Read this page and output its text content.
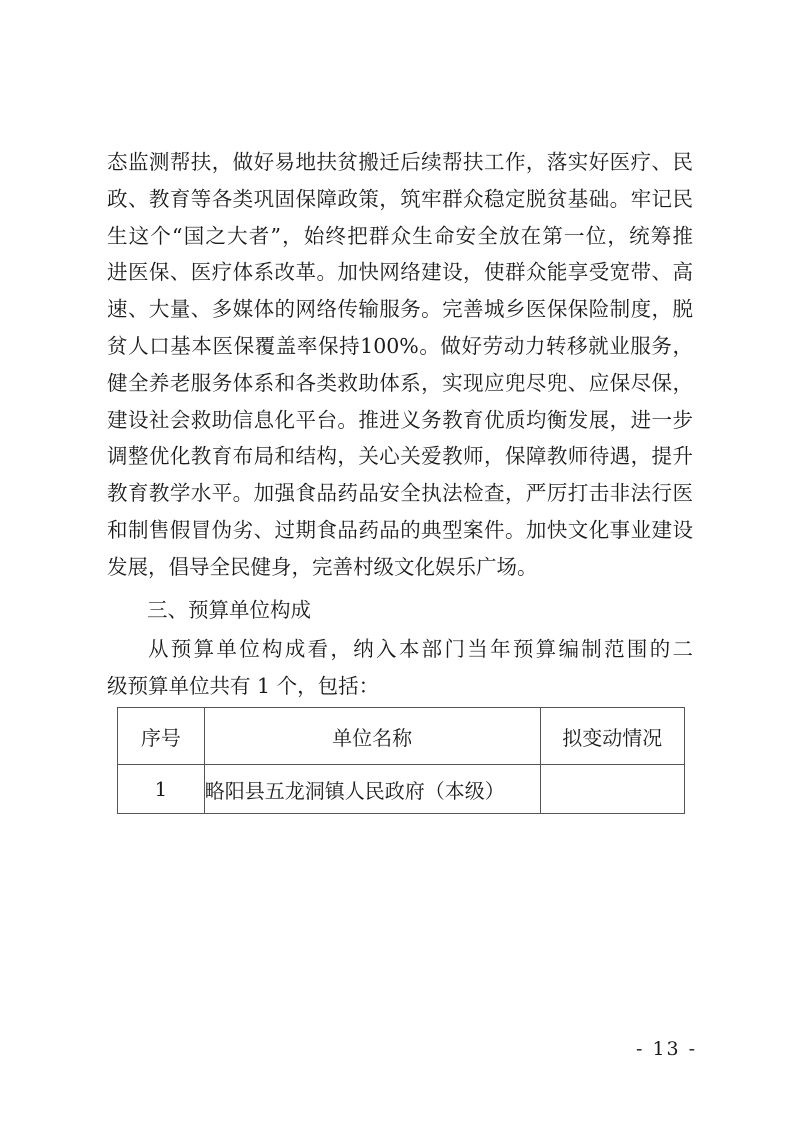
态监测帮扶，做好易地扶贫搬迁后续帮扶工作，落实好医疗、民
政、教育等各类巩固保障政策，筑牢群众稳定脱贫基础。牢记民
生这个“国之大者”，始终把群众生命安全放在第一位，统筹推
进医保、医疗体系改革。加快网络建设，使群众能享受宽带、高
速、大量、多媒体的网络传输服务。完善城乡医保保险制度，脱
贫人口基本医保覆盖率保持100%。做好劳动力转移就业服务，
健全养老服务体系和各类救助体系，实现应兜尽兜、应保尽保，
建设社会救助信息化平台。推进义务教育优质均衡发展，进一步
调整优化教育布局和结构，关心关爱教师，保障教师待遇，提升
教育教学水平。加强食品药品安全执法检查，严厉打击非法行医
和制售假冒伪劣、过期食品药品的典型案件。加快文化事业建设
发展，倡导全民健身，完善村级文化娱乐广场。
三、预算单位构成
从预算单位构成看，纳入本部门当年预算编制范围的二
级预算单位共有 1 个，包括：
序号	单位名称	拟变动情况
1	略阳县五龙洞镇人民政府（本级）	
- 13 -
